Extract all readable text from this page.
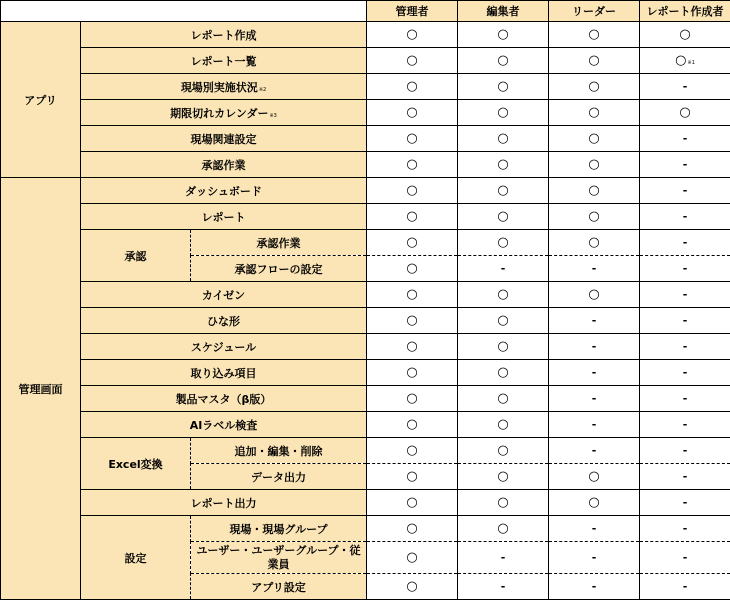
			管理者	編集者	リーダー	レポート作成者
アプリ	レポート作成		○	○	○	○
	レポート一覧		○	○	○	○※1
	現場別実施状況※2		○	○	○	-
	期限切れカレンダー※3		○	○	○	○
	現場関連設定		○	○	○	-
	承認作業		○	○	○	-
管理画面	ダッシュボード		○	○	○	-
	レポート		○	○	○	-
	承認	承認作業	○	○	○	-
		承認フローの設定	○	-	-	-
	カイゼン		○	○	○	-
	ひな形		○	○	-	-
	スケジュール		○	○	-	-
	取り込み項目		○	○	-	-
	製品マスタ（β版）		○	○	-	-
	AIラベル検査		○	○	-	-
	Excel変換	追加・編集・削除	○	○	-	-
		データ出力	○	○	○	-
	レポート出力		○	○	○	-
	設定	現場・現場グループ	○	○	-	-
		ユーザー・ユーザーグループ・従業員	○	-	-	-
		アプリ設定	○	-	-	-
